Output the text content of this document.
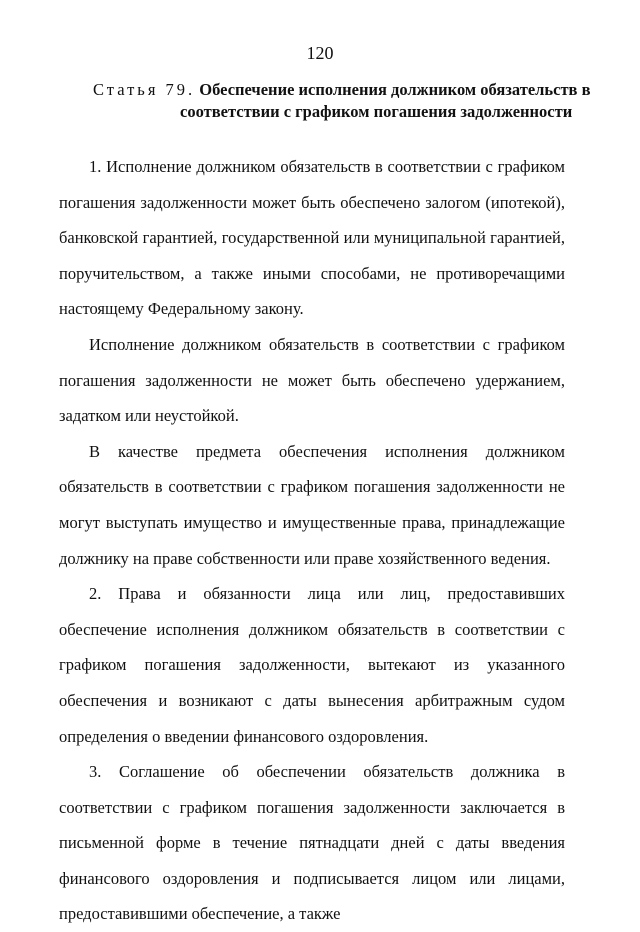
120
Статья 79. Обеспечение исполнения должником обязательств в
соответствии с графиком погашения задолженности

1. Исполнение должником обязательств в соответствии с графиком погашения задолженности может быть обеспечено залогом (ипотекой), банковской гарантией, государственной или муниципальной гарантией, поручительством, а также иными способами, не противоречащими настоящему Федеральному закону.

Исполнение должником обязательств в соответствии с графиком погашения задолженности не может быть обеспечено удержанием, задатком или неустойкой.

В качестве предмета обеспечения исполнения должником обязательств в соответствии с графиком погашения задолженности не могут выступать имущество и имущественные права, принадлежащие должнику на праве собственности или праве хозяйственного ведения.

2. Права и обязанности лица или лиц, предоставивших обеспечение исполнения должником обязательств в соответствии с графиком погашения задолженности, вытекают из указанного обеспечения и возникают с даты вынесения арбитражным судом определения о введении финансового оздоровления.

3. Соглашение об обеспечении обязательств должника в соответствии с графиком погашения задолженности заключается в письменной форме в течение пятнадцати дней с даты введения финансового оздоровления и подписывается лицом или лицами, предоставившими обеспечение, а также
